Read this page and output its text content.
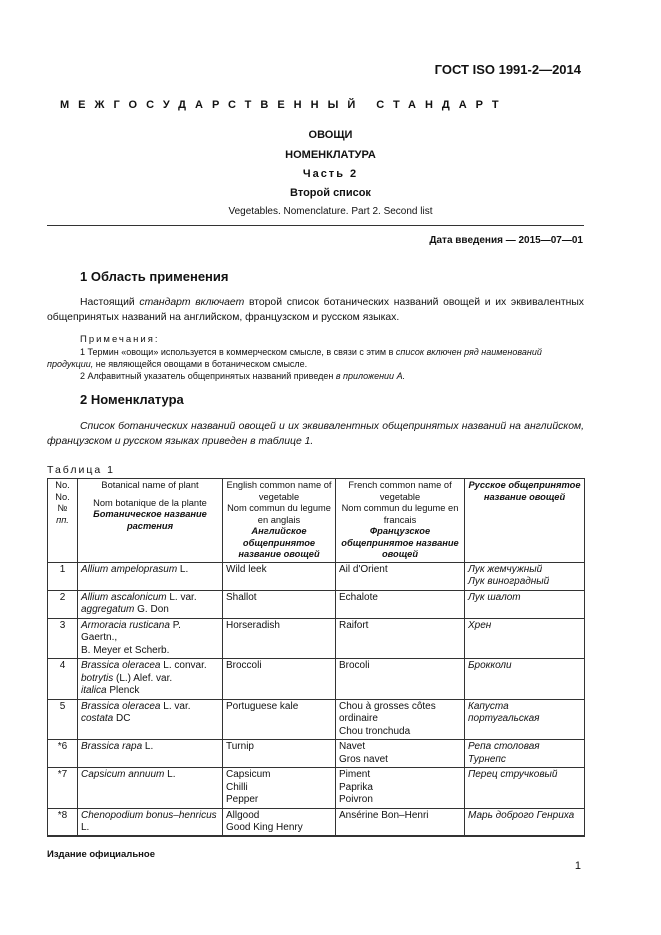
ГОСТ ISO 1991-2—2014
МЕЖГОСУДАРСТВЕННЫЙ СТАНДАРТ
ОВОЩИ
НОМЕНКЛАТУРА
Часть 2
Второй список
Vegetables. Nomenclature. Part 2. Second list
Дата введения — 2015—07—01
1 Область применения
Настоящий стандарт включает второй список ботанических названий овощей и их эквивалентных общепринятых названий на английском, французском и русском языках.
Примечания:
1 Термин «овощи» используется в коммерческом смысле, в связи с этим в список включен ряд наименований продукции, не являющейся овощами в ботаническом смысле.
2 Алфавитный указатель общепринятых названий приведен в приложении А.
2 Номенклатура
Список ботанических названий овощей и их эквивалентных общепринятых названий на английском, французском и русском языках приведен в таблице 1.
Таблица 1
No.
No.
№
пп.	Botanical name of plant
Nom botanique de la plante
Ботаническое название растения	English common name of vegetable
Nom commun du legume en anglais
Английское общепринятое название овощей	French common name of vegetable
Nom commun du legume en francais
Французское общепринятое название овощей	Русское общепринятое название овощей

1	Allium ampeloprasum L.	Wild leek	Ail d'Orient	Лук жемчужный
Лук виноградный

2	Allium ascalonicum L. var.
aggregatum G. Don	Shallot	Echalote	Лук шалот

3	Armoracia rusticana P. Gaertn.,
B. Meyer et Scherb.	Horseradish	Raifort	Хрен

4	Brassica oleracea L. convar. botrytis (L.) Alef. var.
italica Plenck	Broccoli	Brocoli	Брокколи

5	Brassica oleracea L. var.
costata DC	Portuguese kale	Chou à grosses côtes ordinaire
Chou tronchuda	Капуста португальская

*6	Brassica rapa L.	Turnip	Navet
Gros navet	Репа столовая
Турнепс

*7	Capsicum annuum L.	Capsicum
Chilli
Pepper	Piment
Paprika
Poivron	Перец стручковый

*8	Chenopodium bonus–henricus L.	Allgood
Good King Henry	Ansérine Bon–Henri	Марь доброго Генриха
Издание официальное
1
